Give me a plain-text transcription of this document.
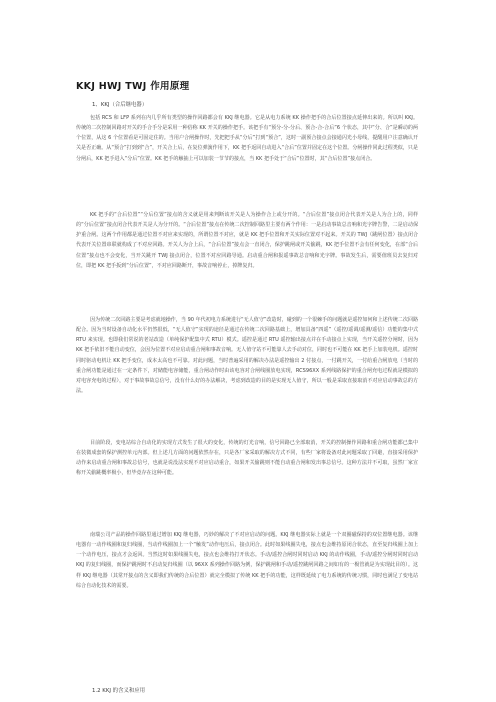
KKJ HWJ TWJ 作用原理
1、KKJ（合后继电器）

包括 RCS 和 LFP 系列在内几乎所有类型的操作回路都会有 KKJ 继电器。它是从电力系统 KK 操作把手的合后位置接点延伸出来的。所以叫 KKJ。传统的二次控制回路对开关的手合手分是采用一种俗称 KK 开关的操作把手。该把手有“预分-分-分后、预合-合-合后”6 个状态，其中“分、合”是瞬动的两个位置，从这 6 个位置看是可固定住的。当用户合闸操作时，先把把手从“分后”打到“预合”，这时一副预合接点会接通闪光小母线，提醒用户注意确认开关是否正确。从“预合”打到到“合”，开关合上后，在复位弹簧作用下，KK 把手返回自动进入“合后”位置并固定在这个位置。分闸操作同此过程类似，只是分闸后，KK 把手进入“分后”位置。KK 把手的触抽上可以加装一节节的接点，当 KK 把手处于“合后”位置时，其“合后位置”接点闭合。

KK 把手的“合后位置”“分后位置”接点的含义就是用来判断该开关是人为操作合上或分开的。“合后位置”接点闭合代表开关是人为合上的，同样的“分后位置”接点闭合代表开关是人为分开的。“合后位置”接点在传统二次控制回路里主要有两个作用：一是启动事故总音响和光字牌告警，二是启动保护重合闸。这两个作用都是通过位置不对应来实现的，所谓位置不对应，就是 KK 把手位置和开关实际位置对不起来。开关的 TWJ（跳闸位置）接点闭合代表开关位置串联就构成了不对应回路。开关人为合上后，“合后位置”接点会一直闭合，保护跳闸或开关偷跳，KK 把手位置不会有任何变化，在部“合后位置”接点也不会变化，当开关跳开 TWJ 接点闭合，位置不对应回路导通。启动重合闸和报遥事故总音响和光字牌。事故发生后，需要值班员去复归对位，即把 KK 把手扳到“分后位置”，不对应回路断开，事故音响停止，掉牌复归。

因为传统二次回路主要是考虑就地操作，当 90 年代初电力系统进行“无人值守”改造时，碰到的一个很棘手的问题就是遥控如何和上述传统二次回路配合。因为当时设备自动化水平仍然很低，“无人值守”实现的途径是通过在传统二次回路基础上，增加具备“四遥”（遥控/遥调/遥测/遥信）功能的集中式 RTU 来实现。也即我们常说的老站改造（单纯保护配集中式 RTU）模式。遥控是通过 RTU 遥控输出接点并在手动接点上实现，当开关遥控分闸时，因为 KK 把手依旧不能自动变位，会因为位置不对应启动重合闸和事故音响。无人值守站不可能靠人去手动对位，同时也不可能在 KK 把手上加装电机。遥控时同时驱动电机让 KK 把手变位，成本太高也不可靠。对此问题，当时普遍采用的解决办法是遥控输出 2 付接点，一付跳开关，一付给重合闸放电（当时的重合闸功能是通过在一定条件下，对储能电容储能，重合闸动作时由该电容对合闸线圈放电实现，RCS96XX 系列线路保护的重合闸充电过程就是模拟的对电容充电的过程），对于事故事故总信号，没有什么好的办法解决，考虑到改造的目的是实现无人值守，所以一般是采取直接取消不对应启动事故总的方法。

目前阶段，变电站综合自动化的实现方式发生了很大的变化，传统的灯光音响，信号回路已全部取消，开关的控制操作回路和重合闸功能都已集中在装微成套的保护测控单元内部。但上述几方面的问题依然存在，只是各厂家采取的解决方式不同，有些厂家将设备对此问题采取了回避，直接采用保护动作来启动重合闸和事故总信号，也就是说没法实现不对应启动重合，如果开关偷跳则不能自动重合闸和发出事总信号。这种方法并不可取，虽然厂家宣称开关偷跳概率极小，但毕竟存在这种可能。

南瑞公司产品的操作回路里通过增加 KKJ 继电器，巧妙的解决了不对应启动的问题。KKJ 继电器实际上就是一个双圈磁保持的双位置继电器。该继电器有一动作线圈和复归线圈，当动作线圈加上一个“触发”动作电压后，接点闭合。此时如果线圈失电，接点也会维持原闭合状态，直至复归线圈上加上一个动作电压，接点才会返回。当然这时如果线圈失电，接点也会维持打开状态。手动/遥控合闸时同时启动 KKJ 的动作线圈，手动/遥控分闸时同时启动 KKJ 的复归线圈，而保护跳闸时不启动复归线圈（以 96XX 系列操作回路为例，保护跳闸和手动/遥控跳闸回路之间如有的一极管就是为实现此目的）。这样 KKJ 继电器（其常开接点的含义即我们传统的合后位置）就完全模拟了传统 KK 把手的功能，这样既延续了电力系统的传统习惯，同时也满足了变电站综合自动化技术的需要。

1.2 KKJ 的含义和应用
